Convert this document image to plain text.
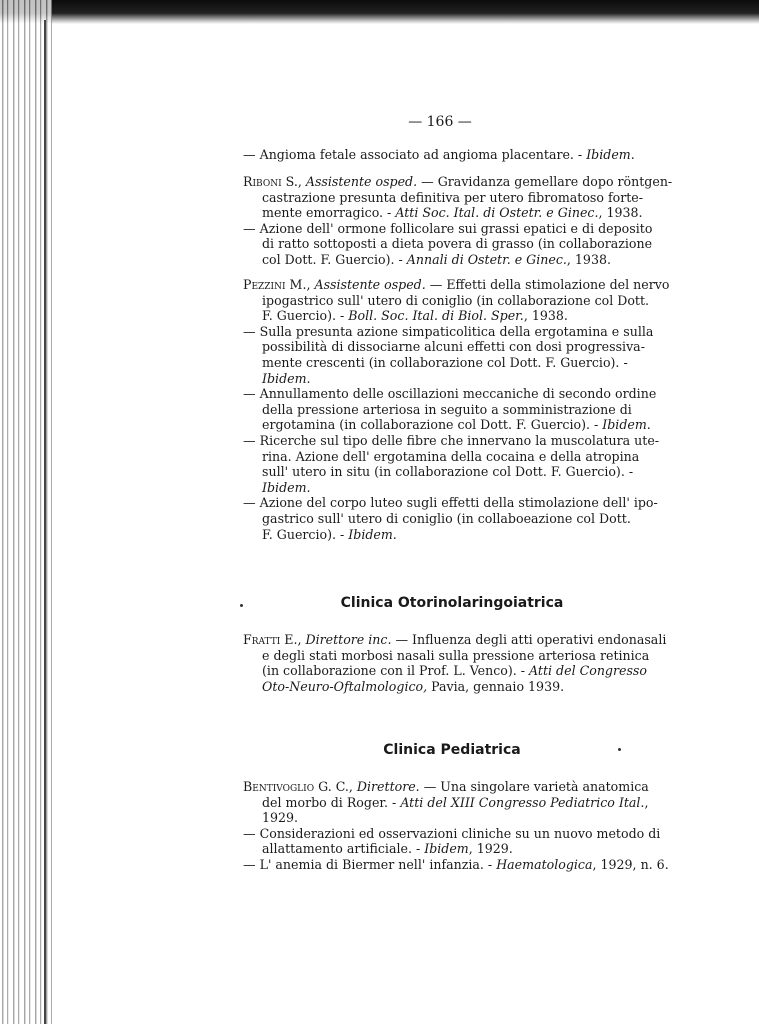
— 166 —
— Angioma fetale associato ad angioma placentare. - Ibidem.
Riboni S., Assistente osped. — Gravidanza gemellare dopo röntgen-
castrazione presunta definitiva per utero fibromatoso forte-
mente emorragico. - Atti Soc. Ital. di Ostetr. e Ginec., 1938.
— Azione dell' ormone follicolare sui grassi epatici e di deposito
di ratto sottoposti a dieta povera di grasso (in collaborazione
col Dott. F. Guercio). - Annali di Ostetr. e Ginec., 1938.
Pezzini M., Assistente osped. — Effetti della stimolazione del nervo
ipogastrico sull' utero di coniglio (in collaborazione col Dott.
F. Guercio). - Boll. Soc. Ital. di Biol. Sper., 1938.
— Sulla presunta azione simpaticolitica della ergotamina e sulla
possibilità di dissociarne alcuni effetti con dosi progressiva-
mente crescenti (in collaborazione col Dott. F. Guercio). -
Ibidem.
— Annullamento delle oscillazioni meccaniche di secondo ordine
della pressione arteriosa in seguito a somministrazione di
ergotamina (in collaborazione col Dott. F. Guercio). - Ibidem.
— Ricerche sul tipo delle fibre che innervano la muscolatura ute-
rina. Azione dell' ergotamina della cocaina e della atropina
sull' utero in situ (in collaborazione col Dott. F. Guercio). -
Ibidem.
— Azione del corpo luteo sugli effetti della stimolazione dell' ipo-
gastrico sull' utero di coniglio (in collaboeazione col Dott.
F. Guercio). - Ibidem.
Clinica Otorinolaringoiatrica
Fratti E., Direttore inc. — Influenza degli atti operativi endonasali
e degli stati morbosi nasali sulla pressione arteriosa retinica
(in collaborazione con il Prof. L. Venco). - Atti del Congresso
Oto-Neuro-Oftalmologico, Pavia, gennaio 1939.
Clinica Pediatrica
Bentivoglio G. C., Direttore. — Una singolare varietà anatomica
del morbo di Roger. - Atti del XIII Congresso Pediatrico Ital.,
1929.
— Considerazioni ed osservazioni cliniche su un nuovo metodo di
allattamento artificiale. - Ibidem, 1929.
— L' anemia di Biermer nell' infanzia. - Haematologica, 1929, n. 6.
